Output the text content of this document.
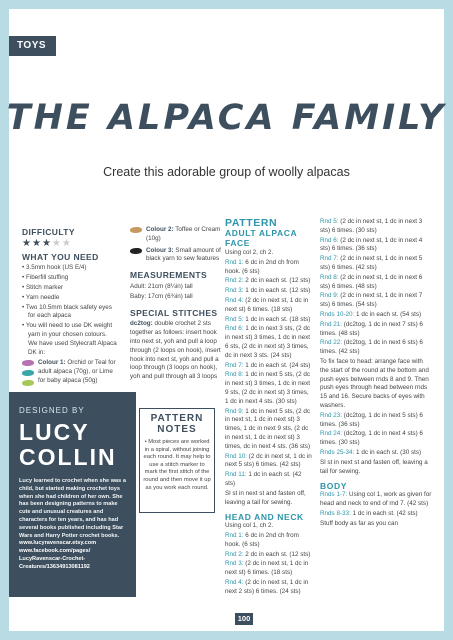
TOYS
THE ALPACA FAMILY
Create this adorable group of woolly alpacas
DIFFICULTY
★★★★★
WHAT YOU NEED
• 3.5mm hook (US E/4)
• Fiberfill stuffing
• Stitch marker
• Yarn needle
• Two 10.5mm black safety eyes for each alpaca
• You will need to use DK weight yarn in your chosen colours. We have used Stylecraft Alpaca DK in:
Colour 1: Orchid or Teal for adult alpaca (70g), or Lime for baby alpaca (50g)
Colour 2: Toffee or Cream (10g)
Colour 3: Small amount of black yarn to sew features
MEASUREMENTS

Adult: 21cm (8¼in) tall

Baby: 17cm (6¾in) tall

SPECIAL STITCHES

dc2tog: double crochet 2 sts together as follows: insert hook into next st, yoh and pull a loop through (2 loops on hook), insert hook into next st, yoh and pull a loop through (3 loops on hook), yoh and pull through all 3 loops

DESIGNED BY
LUCY
COLLIN
Lucy learned to crochet when she was a child, but started making crochet toys when she had children of her own. She has been designing patterns to make cute and unusual creatures and characters for ten years, and has had several books published including Star Wars and Harry Potter crochet books.
www.lucyravenscar.etsy.com
www.facebook.com/pages/
LucyRavenscar-Crochet-
Creatures/1363491308119​2
PATTERN NOTES
• Most pieces are worked in a spiral, without joining each round. It may help to use a stitch marker to mark the first stitch of the round and then move it up as you work each round.
PATTERN
ADULT ALPACA FACE

Using col 2, ch 2.

Rnd 1: 6 dc in 2nd ch from hook. (6 sts)

Rnd 2: 2 dc in each st. (12 sts)

Rnd 3: 1 dc in each st. (12 sts)

Rnd 4: (2 dc in next st, 1 dc in next st) 6 times. (18 sts)

Rnd 5: 1 dc in each st. (18 sts)

Rnd 6: 1 dc in next 3 sts, (2 dc in next st) 3 times, 1 dc in next 6 sts, (2 dc in next st) 3 times, dc in next 3 sts. (24 sts)

Rnd 7: 1 dc in each st. (24 sts)

Rnd 8: 1 dc in next 5 sts, (2 dc in next st) 3 times, 1 dc in next 9 sts, (2 dc in next st) 3 times, 1 dc in next 4 sts. (30 sts)

Rnd 9: 1 dc in next 5 sts, (2 dc in next st, 1 dc in next st) 3 times, 1 dc in next 9 sts, (2 dc in next st, 1 dc in next st) 3 times, dc in next 4 sts. (36 sts)

Rnd 10: (2 dc in next st, 1 dc in next 5 sts) 6 times. (42 sts)

Rnd 11: 1 dc in each st. (42 sts)

Sl st in next st and fasten off, leaving a tail for sewing.

HEAD AND NECK

Using col 1, ch 2.

Rnd 1: 6 dc in 2nd ch from hook. (6 sts)

Rnd 2: 2 dc in each st. (12 sts)

Rnd 3: (2 dc in next st, 1 dc in next st) 6 times. (18 sts)

Rnd 4: (2 dc in next st, 1 dc in next 2 sts) 6 times. (24 sts)

Rnd 5: (2 dc in next st, 1 dc in next 3 sts) 6 times. (30 sts)

Rnd 6: (2 dc in next st, 1 dc in next 4 sts) 6 times. (36 sts)

Rnd 7: (2 dc in next st, 1 dc in next 5 sts) 6 times. (42 sts)

Rnd 8: (2 dc in next st, 1 dc in next 6 sts) 6 times. (48 sts)

Rnd 9: (2 dc in next st, 1 dc in next 7 sts) 6 times. (54 sts)

Rnds 10-20: 1 dc in each st. (54 sts)

Rnd 21: (dc2tog, 1 dc in next 7 sts) 6 times. (48 sts)

Rnd 22: (dc2tog, 1 dc in next 6 sts) 6 times. (42 sts)

To fix face to head: arrange face with the start of the round at the bottom and push eyes between rnds 8 and 9. Then push eyes through head between rnds 15 and 16. Secure backs of eyes with washers.

Rnd 23: (dc2tog, 1 dc in next 5 sts) 6 times. (36 sts)

Rnd 24: (dc2tog, 1 dc in next 4 sts) 6 times. (30 sts)

Rnds 25-34: 1 dc in each st. (30 sts)

Sl st in next st and fasten off, leaving a tail for sewing.

BODY

Rnds 1-7: Using col 1, work as given for head and neck to end of rnd 7. (42 sts)

Rnds 8-33: 1 dc in each st. (42 sts)

Stuff body as far as you can

100
